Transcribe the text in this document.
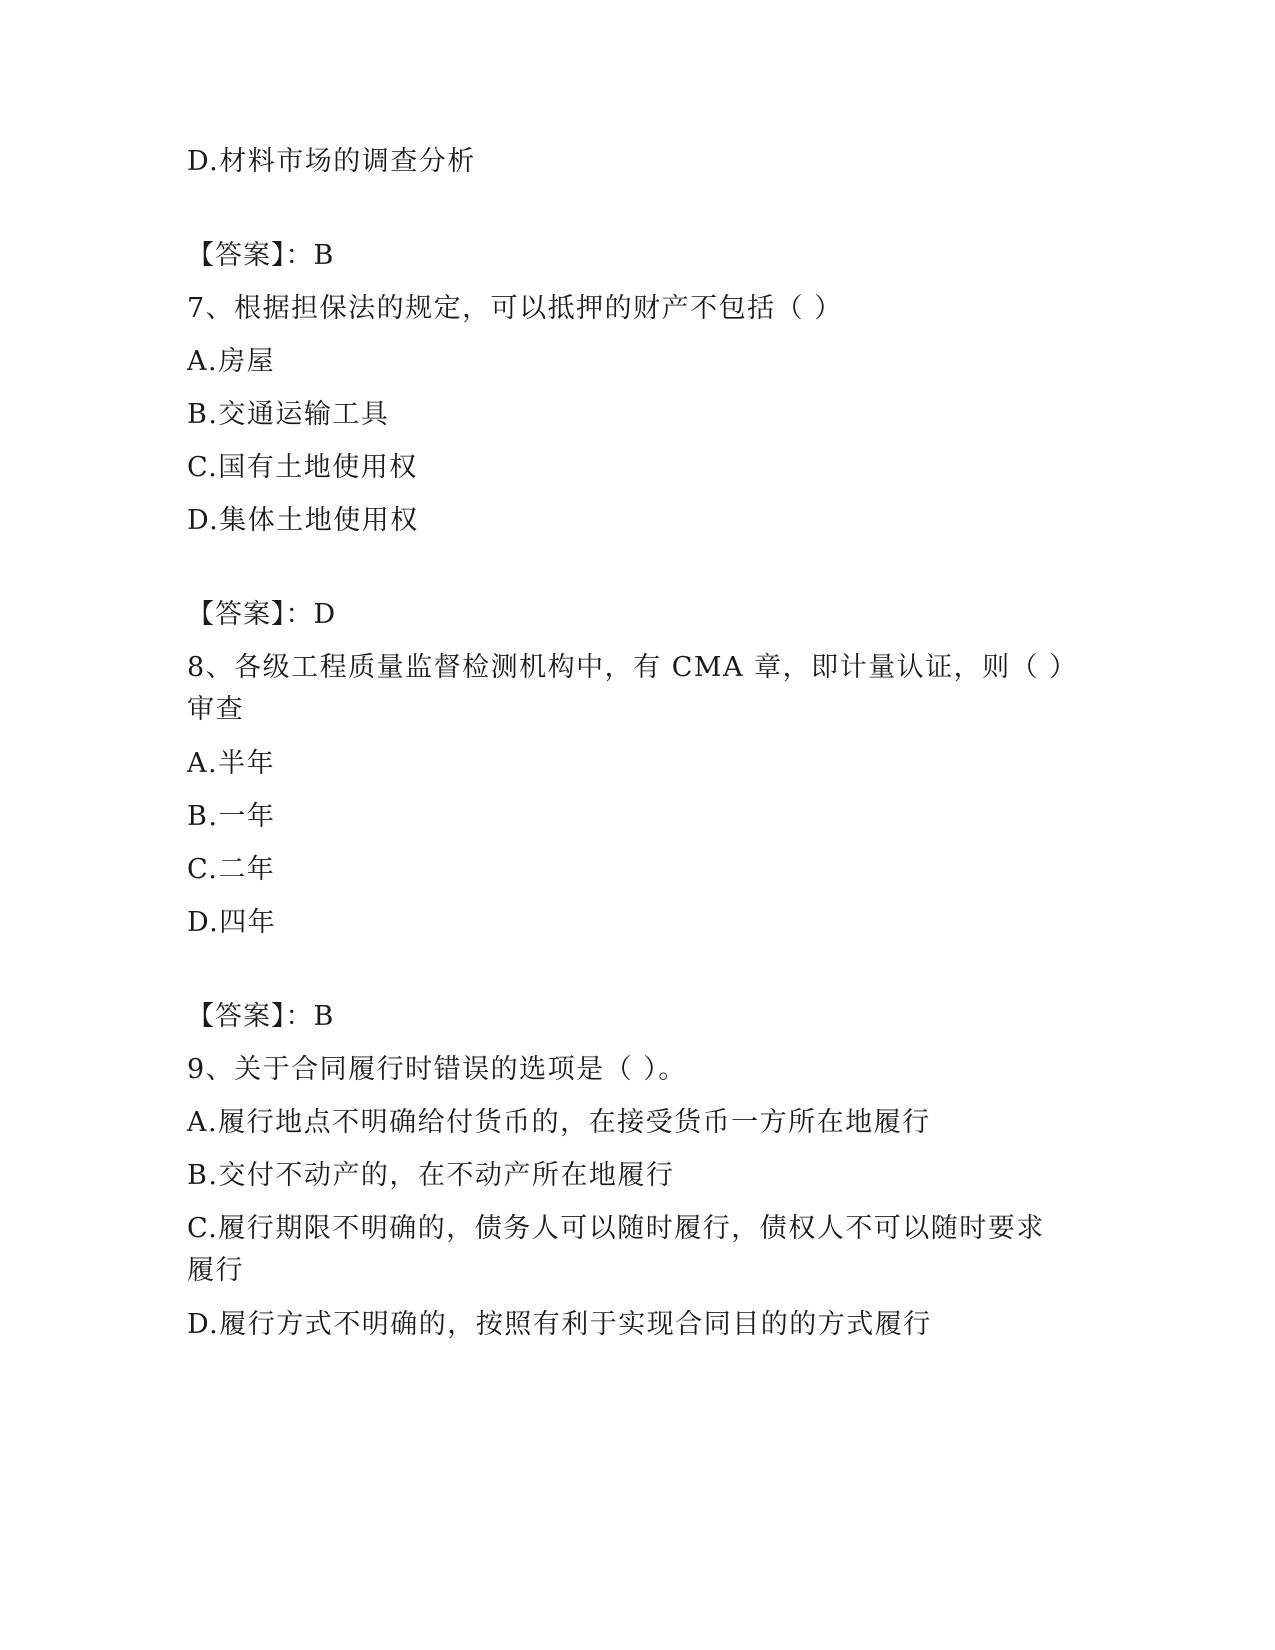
D.材料市场的调查分析
【答案】：B
7、根据担保法的规定，可以抵押的财产不包括（ ）
A.房屋
B.交通运输工具
C.国有土地使用权
D.集体土地使用权
【答案】：D
8、各级工程质量监督检测机构中，有 CMA 章，即计量认证，则（ ）
审查
A.半年
B.一年
C.二年
D.四年
【答案】：B
9、关于合同履行时错误的选项是（ ）。
A.履行地点不明确给付货币的，在接受货币一方所在地履行
B.交付不动产的，在不动产所在地履行
C.履行期限不明确的，债务人可以随时履行，债权人不可以随时要求
履行
D.履行方式不明确的，按照有利于实现合同目的的方式履行
